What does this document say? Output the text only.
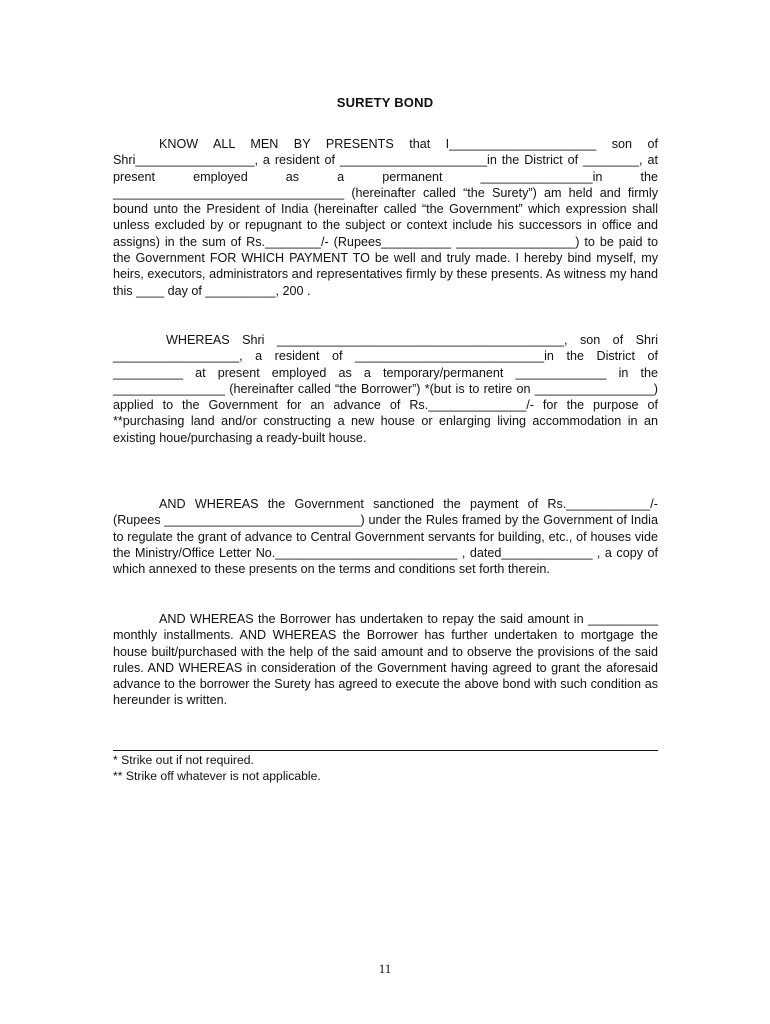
SURETY BOND
KNOW ALL MEN BY PRESENTS that I_____________________ son of Shri_________________, a resident of _____________________in the District of ________, at present employed as a permanent ________________in the _________________________________ (hereinafter called “the Surety”) am held and firmly bound unto the President of India (hereinafter called “the Government” which expression shall unless excluded by or repugnant to the subject or context include his successors in office and assigns) in the sum of Rs.________/- (Rupees__________ _________________) to be paid to the Government FOR WHICH PAYMENT TO be well and truly made. I hereby bind myself, my heirs, executors, administrators and representatives firmly by these presents. As witness my hand this ____ day of __________, 200 .
WHEREAS Shri _________________________________________, son of Shri __________________, a resident of ___________________________in the District of __________ at present employed as a temporary/permanent _____________ in the ________________ (hereinafter called “the Borrower”) *(but is to retire on _________________) applied to the Government for an advance of Rs.______________/- for the purpose of **purchasing land and/or constructing a new house or enlarging living accommodation in an existing houe/purchasing a ready-built house.
AND WHEREAS the Government sanctioned the payment of Rs.____________/- (Rupees ____________________________) under the Rules framed by the Government of India to regulate the grant of advance to Central Government servants for building, etc., of houses vide the Ministry/Office Letter No.__________________________ , dated_____________ , a copy of which annexed to these presents on the terms and conditions set forth therein.
AND WHEREAS the Borrower has undertaken to repay the said amount in __________ monthly installments. AND WHEREAS the Borrower has further undertaken to mortgage the house built/purchased with the help of the said amount and to observe the provisions of the said rules. AND WHEREAS in consideration of the Government having agreed to grant the aforesaid advance to the borrower the Surety has agreed to execute the above bond with such condition as hereunder is written.
* Strike out if not required.
** Strike off whatever is not applicable.
11
